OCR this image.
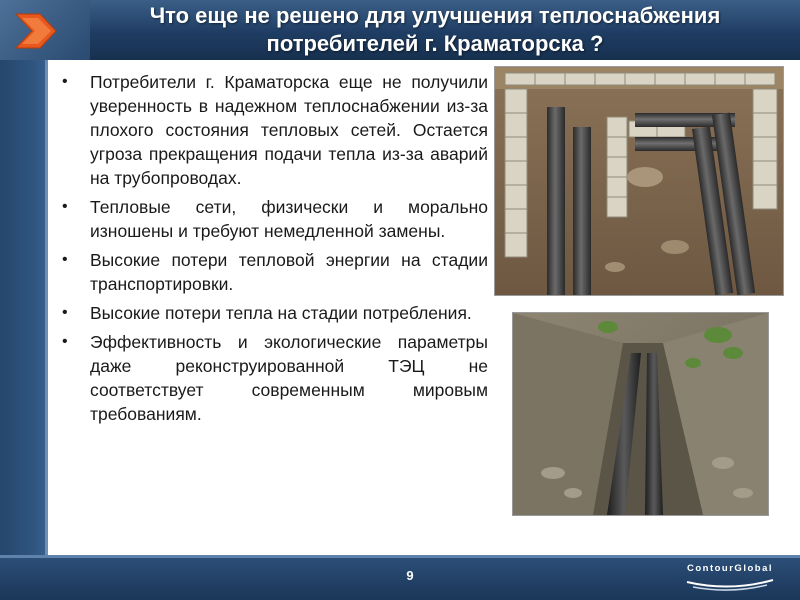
Что еще не решено для улучшения теплоснабжения
потребителей г. Краматорска ?
• Потребители г. Краматорска еще не получили уверенность в надежном теплоснабжении из-за плохого состояния тепловых сетей. Остается угроза прекращения подачи тепла из-за аварий на трубопроводах.
• Тепловые сети, физически и морально изношены и требуют немедленной замены.
• Высокие потери тепловой энергии на стадии транспортировки.
• Высокие потери тепла на стадии потребления.
• Эффективность и экологические параметры даже реконструированной ТЭЦ не соответствует современным мировым требованиям.
9	ContourGlobal
